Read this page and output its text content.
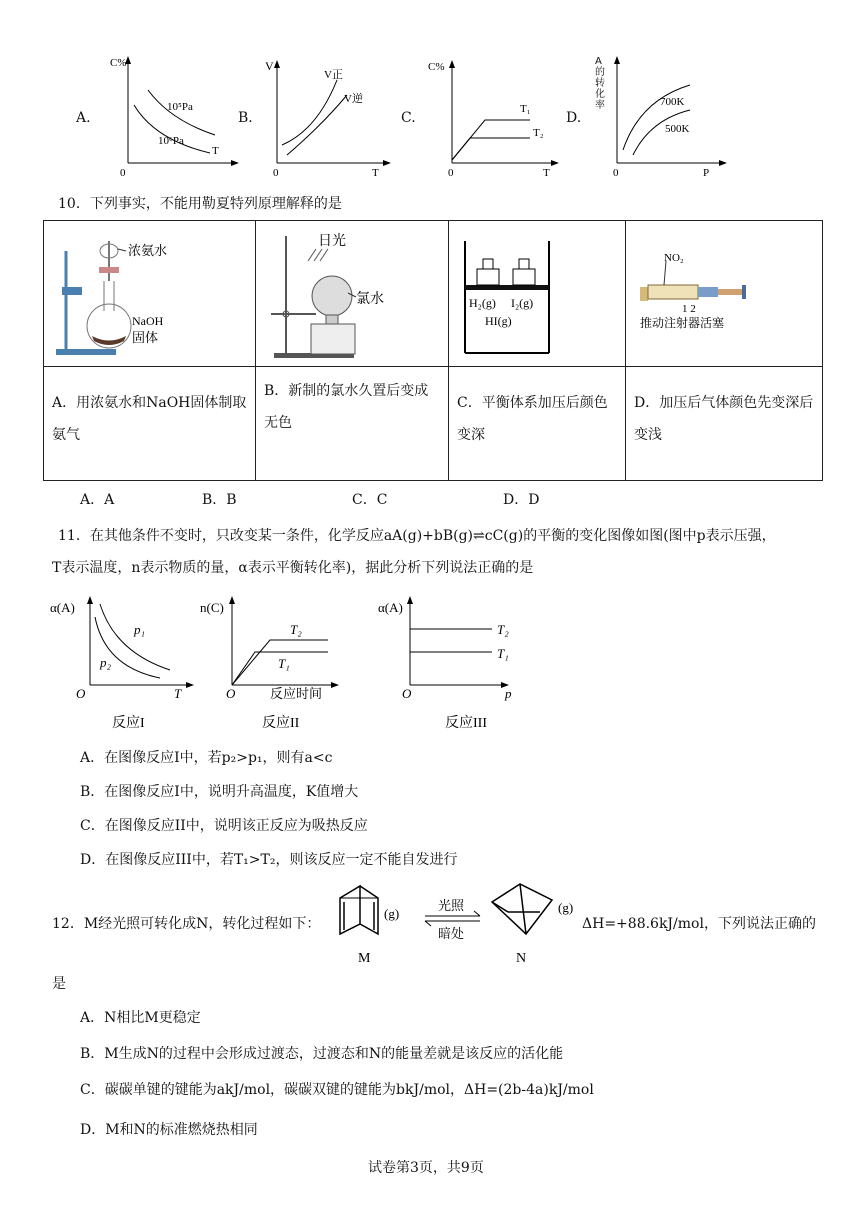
A.
C%
T
0
10⁵Pa
10⁶Pa
B.
V
T
0
V正
V逆
C.
C%
T
0
T₁
T₂
D.
0	P
700K
500K
A的转化率
10．下列事实，不能用勒夏特列原理解释的是
浓氨水
NaOH
固体	日光
氯水	H₂(g) I₂(g)
HI(g)	NO₂
1 2
推动注射器活塞

A．用浓氨水和NaOH固体制取氨气	B．新制的氯水久置后变成无色	C．平衡体系加压后颜色变深	D．加压后气体颜色先变深后变浅
A．A	B．B	C．C	D．D
11．在其他条件不变时，只改变某一条件，化学反应aA(g)+bB(g)⇌cC(g)的平衡的变化图像如图(图中p表示压强，
T表示温度，n表示物质的量，α表示平衡转化率)，据此分析下列说法正确的是
α(A)
T
O
p₁
p₂
反应I
n(C)
反应时间
O
T₂
T₁
反应II
α(A)
p
O
T₂
T₁
反应III
A．在图像反应I中，若p₂>p₁，则有a<c
B．在图像反应I中，说明升高温度，K值增大
C．在图像反应II中，说明该正反应为吸热反应
D．在图像反应III中，若T₁>T₂，则该反应一定不能自发进行
12．M经光照可转化成N，转化过程如下：
(g)	(g)
光照
暗处
M	N
ΔH=+88.6kJ/mol，下列说法正确的
是
A．N相比M更稳定
B．M生成N的过程中会形成过渡态，过渡态和N的能量差就是该反应的活化能
C．碳碳单键的键能为akJ/mol，碳碳双键的键能为bkJ/mol，ΔH=(2b-4a)kJ/mol
D．M和N的标准燃烧热相同
试卷第3页，共9页
